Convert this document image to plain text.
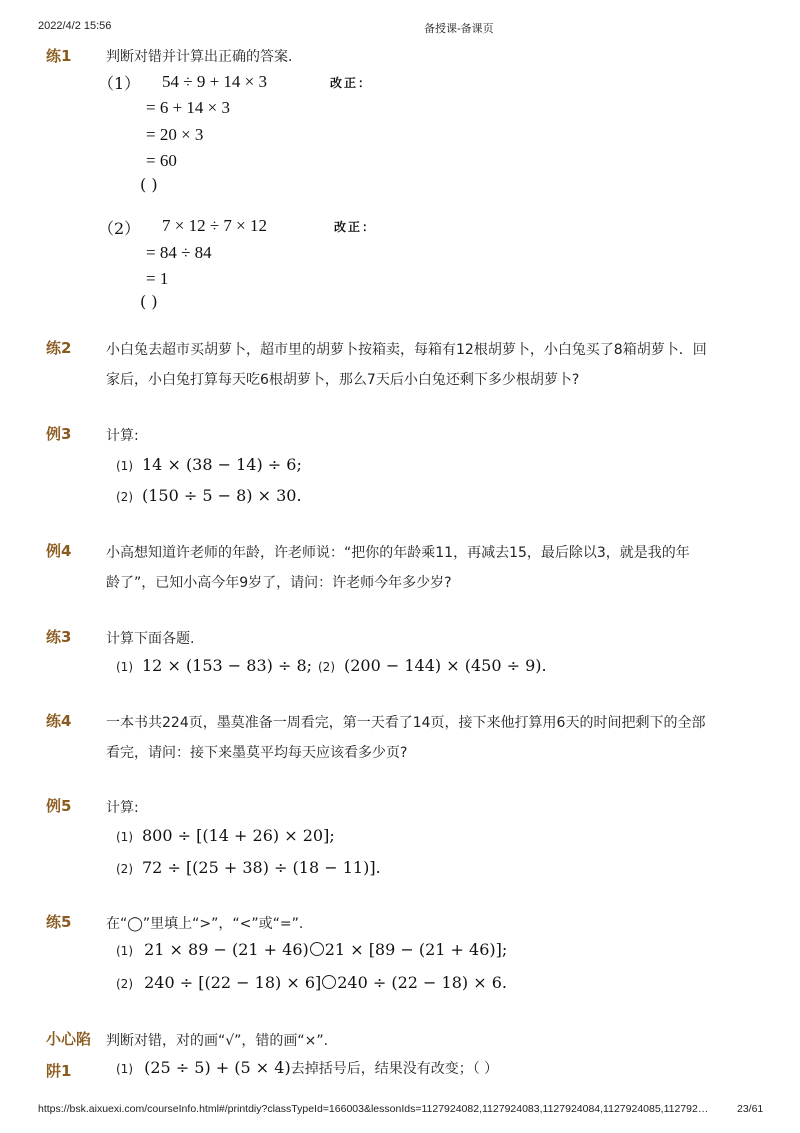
2022/4/2 15:56	备授课-备课页
练1 判断对错并计算出正确的答案.
（1） 54 ÷ 9 + 14 × 3
= 6 + 14 × 3
= 20 × 3
= 60
( )
改正：
（2） 7 × 12 ÷ 7 × 12
= 84 ÷ 84
= 1
( )
改正：
练2 小白兔去超市买胡萝卜，超市里的胡萝卜按箱卖，每箱有12根胡萝卜，小白兔买了8箱胡萝卜．回
家后，小白兔打算每天吃6根胡萝卜，那么7天后小白兔还剩下多少根胡萝卜?
例3 计算:
(1) 14 × (38 − 14) ÷ 6;
(2) (150 ÷ 5 − 8) × 30.
例4 小高想知道许老师的年龄，许老师说：“把你的年龄乘11，再减去15，最后除以3，就是我的年
龄了”，已知小高今年9岁了，请问：许老师今年多少岁?
练3 计算下面各题.
(1) 12 × (153 − 83) ÷ 8; (2) (200 − 144) × (450 ÷ 9).
练4 一本书共224页，墨莫准备一周看完，第一天看了14页，接下来他打算用6天的时间把剩下的全部
看完，请问：接下来墨莫平均每天应该看多少页?
例5 计算:
(1) 800 ÷ [(14 + 26) × 20];
(2) 72 ÷ [(25 + 38) ÷ (18 − 11)].
练5 在“◯”里填上“>”，“<”或“=”.
(1) 21 × 89 − (21 + 46) 21 × [89 − (21 + 46)];
(2) 240 ÷ [(22 − 18) × 6] 240 ÷ (22 − 18) × 6.
小心陷 判断对错，对的画“√”，错的画“×”.
阱1	(1) (25 ÷ 5) + (5 × 4)去掉括号后，结果没有改变；（ ）
https://bsk.aixuexi.com/courseInfo.html#/printdiy?classTypeId=166003&lessonIds=1127924082,1127924083,1127924084,1127924085,112792…	23/61
